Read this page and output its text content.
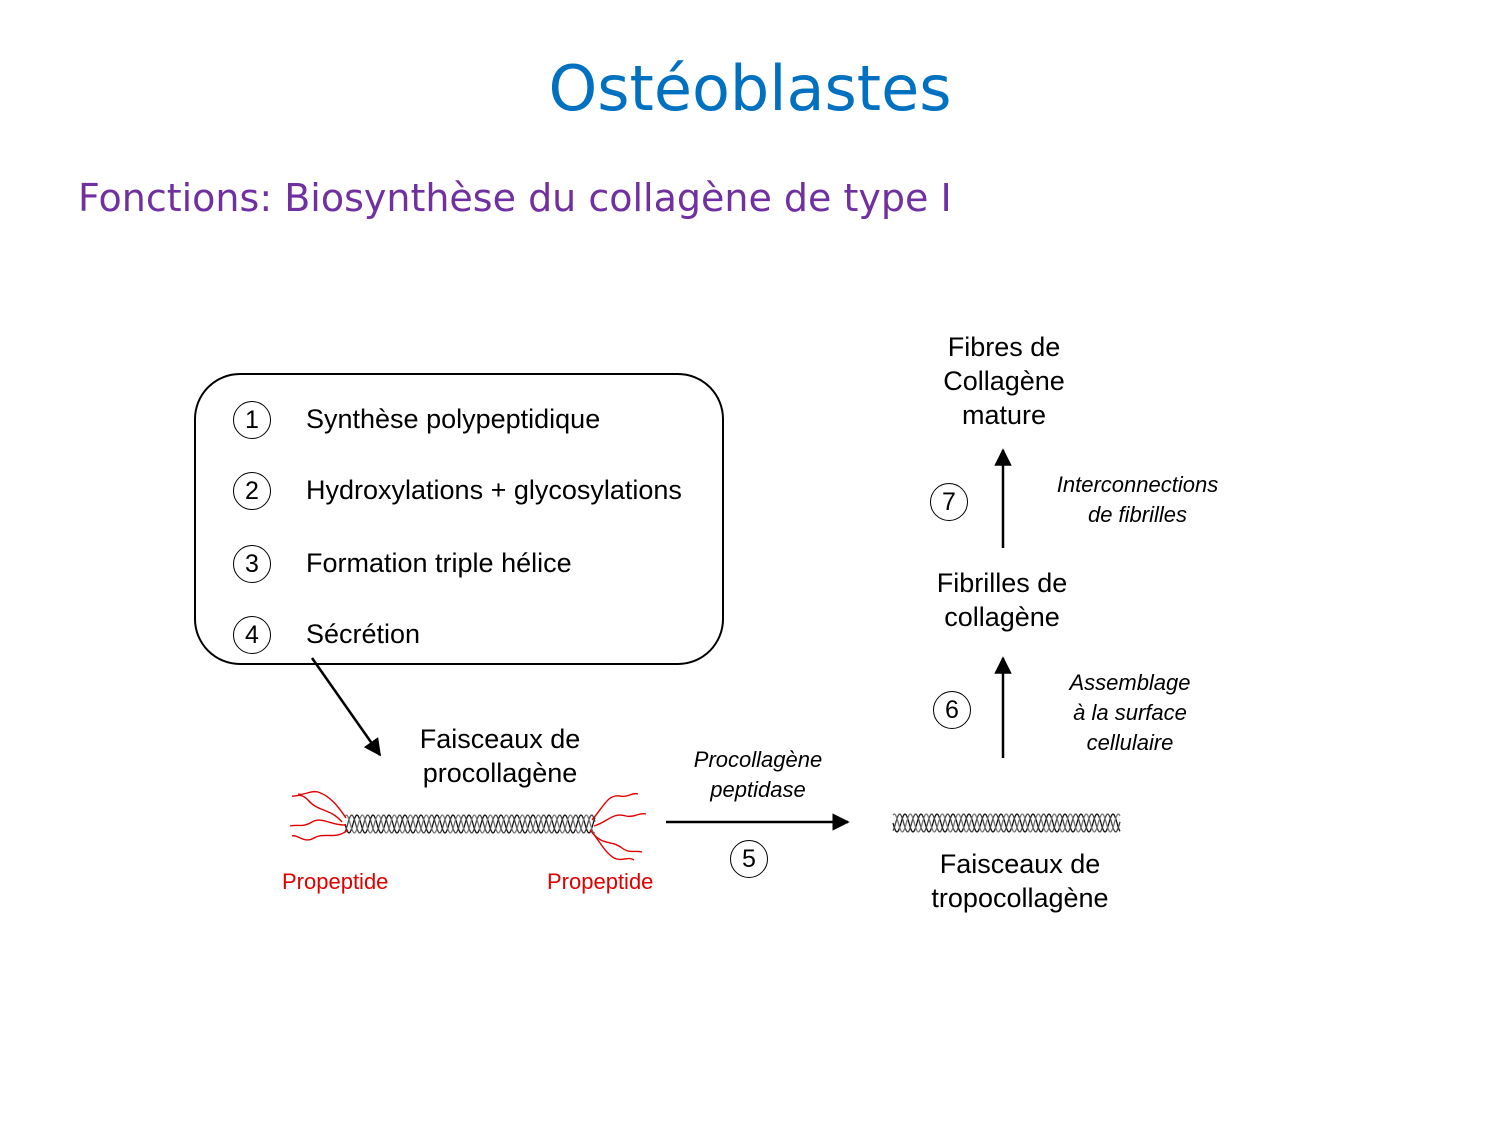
Ostéoblastes
Fonctions: Biosynthèse du collagène de type I
1	Synthèse polypeptidique
2	Hydroxylations + glycosylations
3	Formation triple hélice
4	Sécrétion
Faisceaux de
procollagène
Propeptide	Propeptide
Procollagène
peptidase
5	Faisceaux de
tropocollagène
6
Assemblage
à la surface
cellulaire
Fibrilles de
collagène
7
Interconnections
de fibrilles
Fibres de
Collagène
mature
